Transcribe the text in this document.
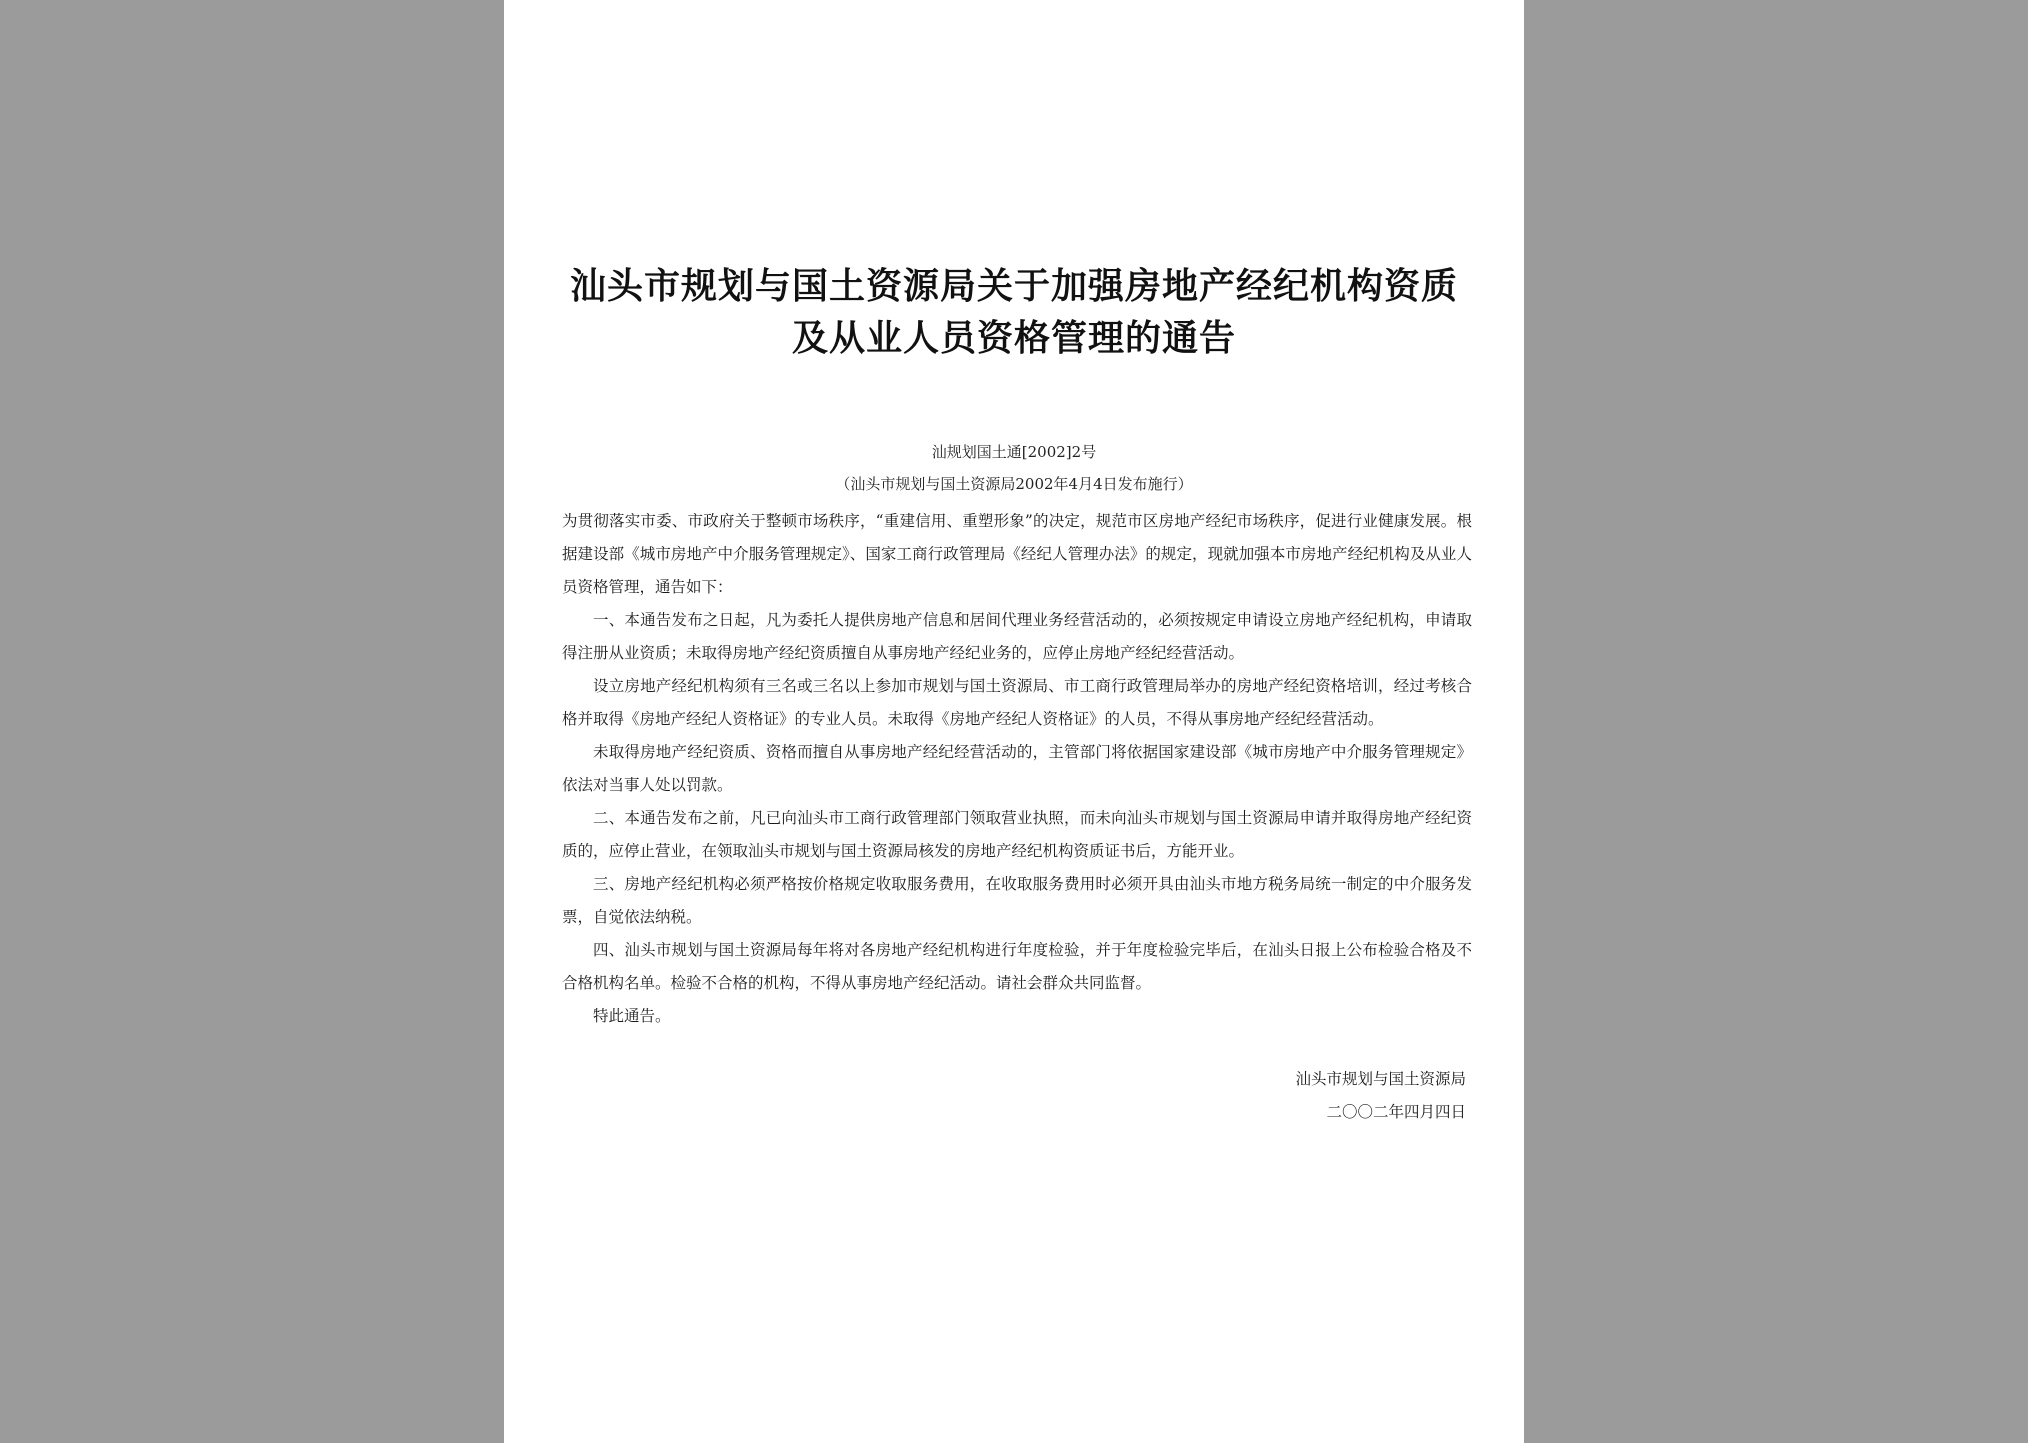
汕头市规划与国土资源局关于加强房地产经纪机构资质
及从业人员资格管理的通告
汕规划国土通[2002]2号
（汕头市规划与国土资源局2002年4月4日发布施行）

为贯彻落实市委、市政府关于整顿市场秩序，“重建信用、重塑形象”的决定，规范市区房地产经纪市场秩序，促进行业健康发展。根据建设部《城市房地产中介服务管理规定》、国家工商行政管理局《经纪人管理办法》的规定，现就加强本市房地产经纪机构及从业人员资格管理，通告如下：

一、本通告发布之日起，凡为委托人提供房地产信息和居间代理业务经营活动的，必须按规定申请设立房地产经纪机构，申请取得注册从业资质；未取得房地产经纪资质擅自从事房地产经纪业务的，应停止房地产经纪经营活动。

设立房地产经纪机构须有三名或三名以上参加市规划与国土资源局、市工商行政管理局举办的房地产经纪资格培训，经过考核合格并取得《房地产经纪人资格证》的专业人员。未取得《房地产经纪人资格证》的人员，不得从事房地产经纪经营活动。

未取得房地产经纪资质、资格而擅自从事房地产经纪经营活动的，主管部门将依据国家建设部《城市房地产中介服务管理规定》依法对当事人处以罚款。

二、本通告发布之前，凡已向汕头市工商行政管理部门领取营业执照，而未向汕头市规划与国土资源局申请并取得房地产经纪资质的，应停止营业，在领取汕头市规划与国土资源局核发的房地产经纪机构资质证书后，方能开业。

三、房地产经纪机构必须严格按价格规定收取服务费用，在收取服务费用时必须开具由汕头市地方税务局统一制定的中介服务发票，自觉依法纳税。

四、汕头市规划与国土资源局每年将对各房地产经纪机构进行年度检验，并于年度检验完毕后，在汕头日报上公布检验合格及不合格机构名单。检验不合格的机构，不得从事房地产经纪活动。请社会群众共同监督。

特此通告。

汕头市规划与国土资源局
二〇〇二年四月四日
